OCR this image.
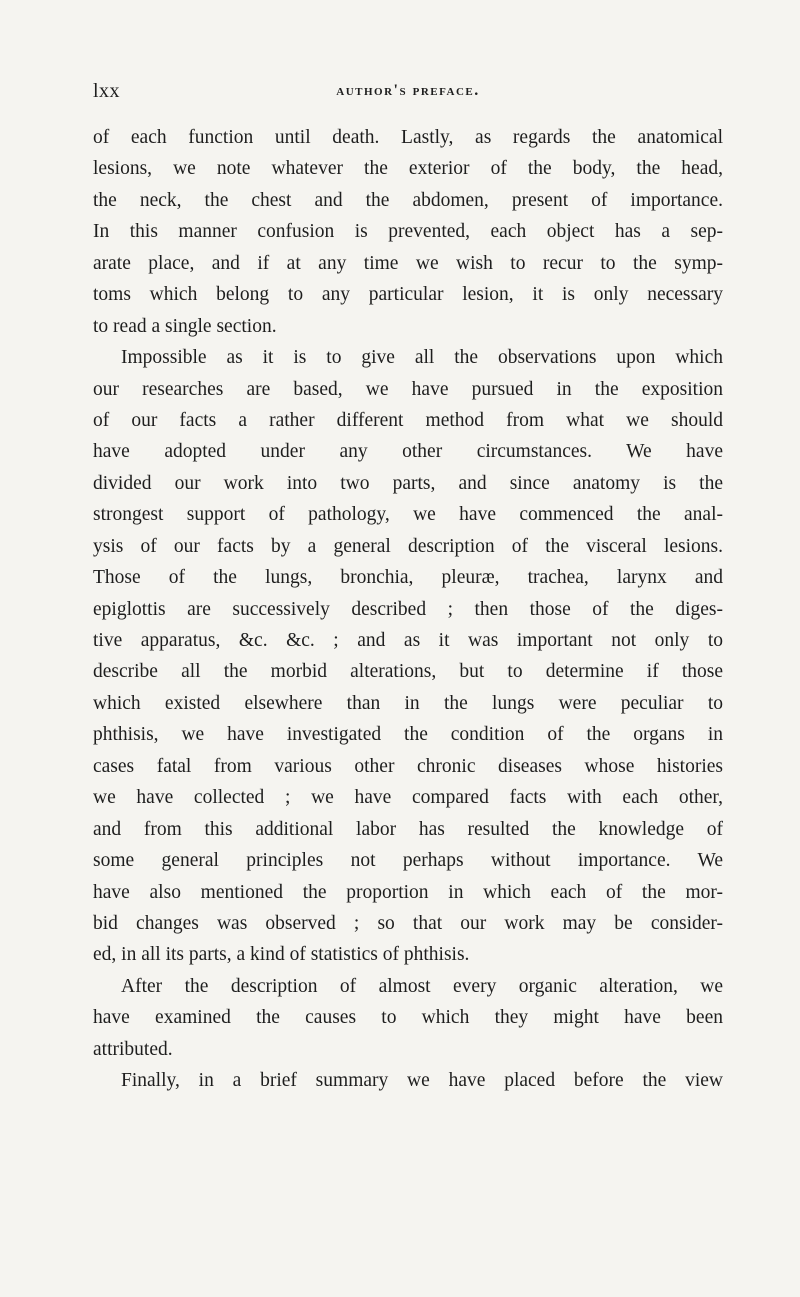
lxx	author's preface.
of each function until death. Lastly, as regards the anatomical
lesions, we note whatever the exterior of the body, the head,
the neck, the chest and the abdomen, present of importance.
In this manner confusion is prevented, each object has a sep-
arate place, and if at any time we wish to recur to the symp-
toms which belong to any particular lesion, it is only necessary
to read a single section.
Impossible as it is to give all the observations upon which
our researches are based, we have pursued in the exposition
of our facts a rather different method from what we should
have adopted under any other circumstances. We have
divided our work into two parts, and since anatomy is the
strongest support of pathology, we have commenced the anal-
ysis of our facts by a general description of the visceral lesions.
Those of the lungs, bronchia, pleuræ, trachea, larynx and
epiglottis are successively described ; then those of the diges-
tive apparatus, &c. &c. ; and as it was important not only to
describe all the morbid alterations, but to determine if those
which existed elsewhere than in the lungs were peculiar to
phthisis, we have investigated the condition of the organs in
cases fatal from various other chronic diseases whose histories
we have collected ; we have compared facts with each other,
and from this additional labor has resulted the knowledge of
some general principles not perhaps without importance. We
have also mentioned the proportion in which each of the mor-
bid changes was observed ; so that our work may be consider-
ed, in all its parts, a kind of statistics of phthisis.
After the description of almost every organic alteration, we
have examined the causes to which they might have been
attributed.
Finally, in a brief summary we have placed before the view
